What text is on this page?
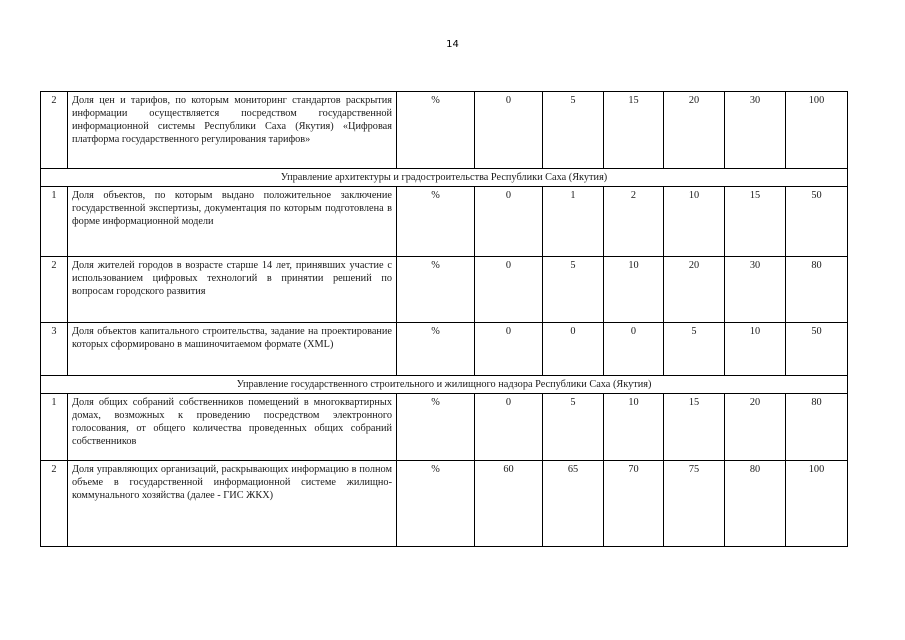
14
2	Доля цен и тарифов, по которым мониторинг стандартов раскрытия информации осуществляется посредством государственной информационной системы Республики Саха (Якутия) «Цифровая платформа государственного регулирования тарифов»	%	0	5	15	20	30	100
Управление архитектуры и градостроительства Республики Саха (Якутия)								
1	Доля объектов, по которым выдано положительное заключение государственной экспертизы, документация по которым подготовлена в форме информационной модели	%	0	1	2	10	15	50
2	Доля жителей городов в возрасте старше 14 лет, принявших участие с использованием цифровых технологий в принятии решений по вопросам городского развития	%	0	5	10	20	30	80
3	Доля объектов капитального строительства, задание на проектирование которых сформировано в машиночитаемом формате (XML)	%	0	0	0	5	10	50
Управление государственного строительного и жилищного надзора Республики Саха (Якутия)								
1	Доля общих собраний собственников помещений в многоквартирных домах, возможных к проведению посредством электронного голосования, от общего количества проведенных общих собраний собственников	%	0	5	10	15	20	80
2	Доля управляющих организаций, раскрывающих информацию в полном объеме в государственной информационной системе жилищно-коммунального хозяйства (далее - ГИС ЖКХ)	%	60	65	70	75	80	100
